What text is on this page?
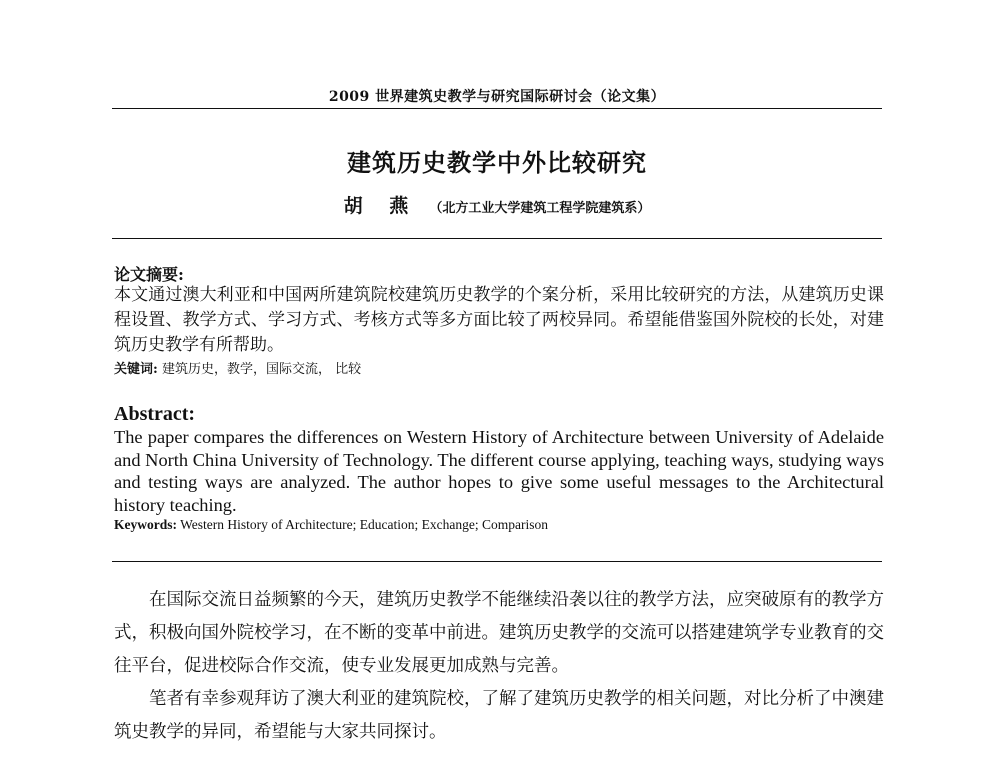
2009 世界建筑史教学与研究国际研讨会（论文集）
建筑历史教学中外比较研究
胡 燕 （北方工业大学建筑工程学院建筑系）
论文摘要:
本文通过澳大利亚和中国两所建筑院校建筑历史教学的个案分析，采用比较研究的方法，从建筑历史课程设置、教学方式、学习方式、考核方式等多方面比较了两校异同。希望能借鉴国外院校的长处，对建筑历史教学有所帮助。
关键词: 建筑历史，教学，国际交流， 比较
Abstract:
The paper compares the differences on Western History of Architecture between University of Adelaide and North China University of Technology. The different course applying, teaching ways, studying ways and testing ways are analyzed. The author hopes to give some useful messages to the Architectural history teaching.
Keywords: Western History of Architecture; Education; Exchange; Comparison

在国际交流日益频繁的今天，建筑历史教学不能继续沿袭以往的教学方法，应突破原有的教学方式，积极向国外院校学习，在不断的变革中前进。建筑历史教学的交流可以搭建建筑学专业教育的交往平台，促进校际合作交流，使专业发展更加成熟与完善。

笔者有幸参观拜访了澳大利亚的建筑院校，了解了建筑历史教学的相关问题，对比分析了中澳建筑史教学的异同，希望能与大家共同探讨。
